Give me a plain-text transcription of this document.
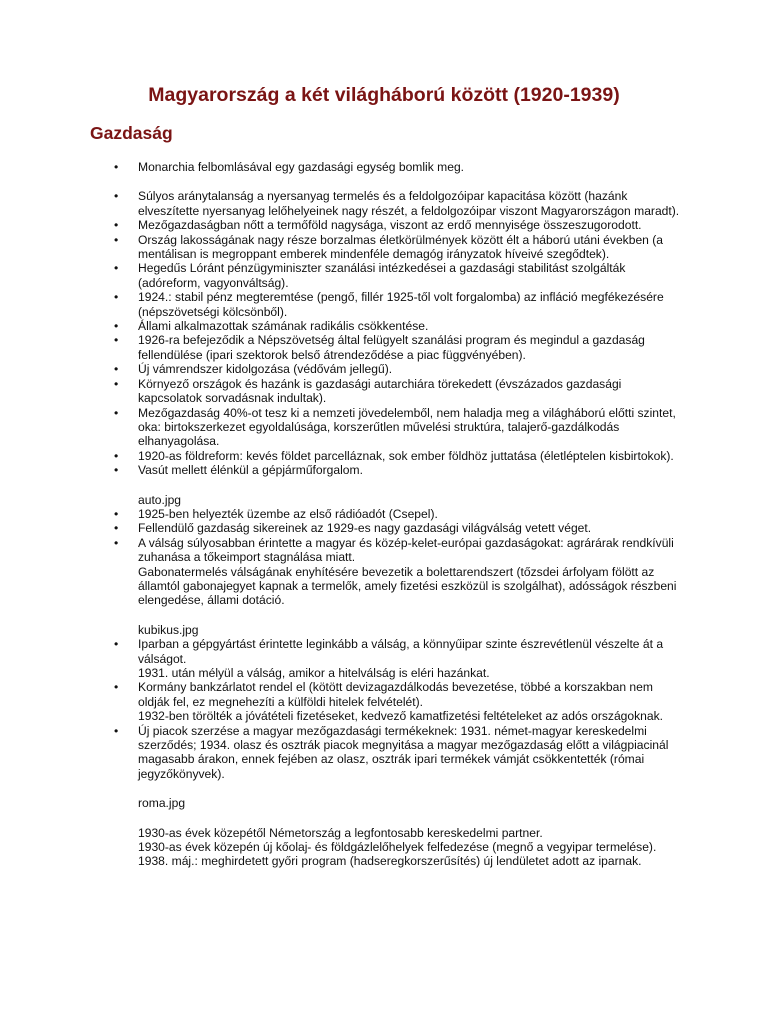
Magyarország a két világháború között (1920-1939)
Gazdaság
• Monarchia felbomlásával egy gazdasági egység bomlik meg.
• Súlyos aránytalanság a nyersanyag termelés és a feldolgozóipar kapacitása között (hazánk elveszítette nyersanyag lelőhelyeinek nagy részét, a feldolgozóipar viszont Magyarországon maradt).
• Mezőgazdaságban nőtt a termőföld nagysága, viszont az erdő mennyisége összeszugorodott.
• Ország lakosságának nagy része borzalmas életkörülmények között élt a háború utáni években (a mentálisan is megroppant emberek mindenféle demagóg irányzatok híveivé szegődtek).
• Hegedűs Lóránt pénzügyminiszter szanálási intézkedései a gazdasági stabilitást szolgálták (adóreform, vagyonváltság).
• 1924.: stabil pénz megteremtése (pengő, fillér 1925-től volt forgalomba) az infláció megfékezésére (népszövetségi kölcsönből).
• Állami alkalmazottak számának radikális csökkentése.
• 1926-ra befejeződik a Népszövetség által felügyelt szanálási program és megindul a gazdaság fellendülése (ipari szektorok belső átrendeződése a piac függvényében).
• Új vámrendszer kidolgozása (védővám jellegű).
• Környező országok és hazánk is gazdasági autarchiára törekedett (évszázados gazdasági kapcsolatok sorvadásnak indultak).
• Mezőgazdaság 40%-ot tesz ki a nemzeti jövedelemből, nem haladja meg a világháború előtti szintet, oka: birtokszerkezet egyoldalúsága, korszerűtlen művelési struktúra, talajerő-gazdálkodás elhanyagolása.
• 1920-as földreform: kevés földet parcelláznak, sok ember földhöz juttatása (életléptelen kisbirtokok).
• Vasút mellett élénkül a gépjárműforgalom.
auto.jpg
• 1925-ben helyezték üzembe az első rádióadót (Csepel).
• Fellendülő gazdaság sikereinek az 1929-es nagy gazdasági világválság vetett véget.
• A válság súlyosabban érintette a magyar és közép-kelet-európai gazdaságokat: agrárárak rendkívüli zuhanása a tőkeimport stagnálása miatt.
Gabonatermelés válságának enyhítésére bevezetik a bolettarendszert (tőzsdei árfolyam fölött az államtól gabonajegyet kapnak a termelők, amely fizetési eszközül is szolgálhat), adósságok részbeni elengedése, állami dotáció.
kubikus.jpg
• Iparban a gépgyártást érintette leginkább a válság, a könnyűipar szinte észrevétlenül vészelte át a válságot.
1931. után mélyül a válság, amikor a hitelválság is eléri hazánkat.
• Kormány bankzárlatot rendel el (kötött devizagazdálkodás bevezetése, többé a korszakban nem oldják fel, ez megnehezíti a külföldi hitelek felvételét).
1932-ben törölték a jóvátételi fizetéseket, kedvező kamatfizetési feltételeket az adós országoknak.
• Új piacok szerzése a magyar mezőgazdasági termékeknek: 1931. német-magyar kereskedelmi szerződés; 1934. olasz és osztrák piacok megnyitása a magyar mezőgazdaság előtt a világpiacinál magasabb árakon, ennek fejében az olasz, osztrák ipari termékek vámját csökkentették (római jegyzőkönyvek).
roma.jpg
1930-as évek közepétől Németország a legfontosabb kereskedelmi partner.
1930-as évek közepén új kőolaj- és földgázlelőhelyek felfedezése (megnő a vegyipar termelése).
1938. máj.: meghirdetett győri program (hadseregkorszerűsítés) új lendületet adott az iparnak.
